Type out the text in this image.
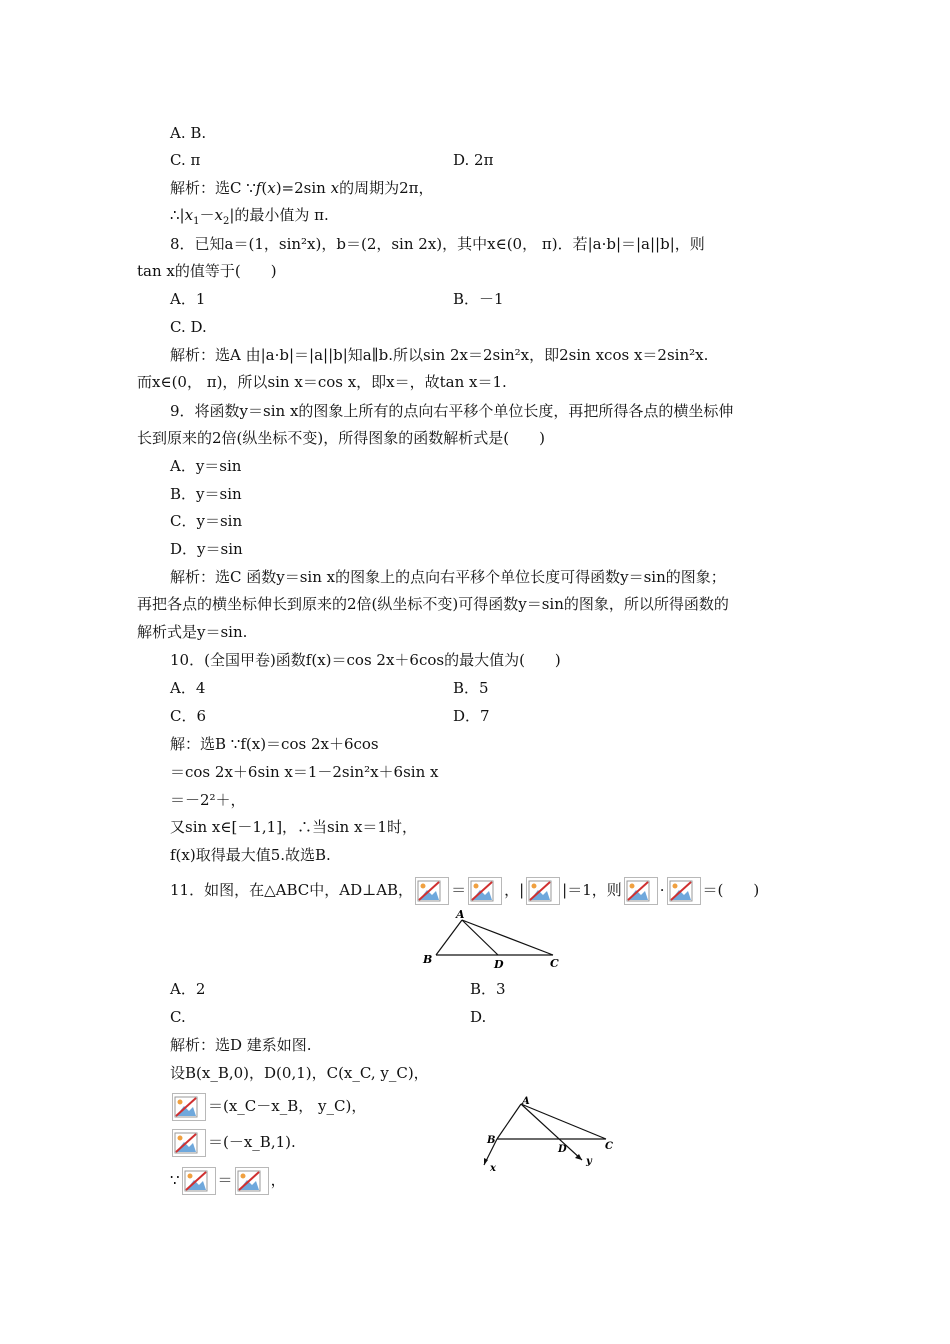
A. B.
C. π	D. 2π
解析：选C ∵f(x)=2sin x的周期为2π，
$\therefore|x_1-x_2|$的最小值为 π.
8．已知a＝(1，sin²x)，b＝(2，sin 2x)，其中x∈(0， π)．若|a·b|＝|a||b|，则
tan x的值等于(　　)
A．1	B．－1
C. D.
解析：选A 由|a·b|＝|a||b|知a∥b.所以sin 2x＝2sin²x，即2sin xcos x＝2sin²x.
而x∈(0， π)，所以sin x＝cos x，即x＝，故tan x＝1.
9．将函数y＝sin x的图象上所有的点向右平移个单位长度，再把所得各点的横坐标伸
长到原来的2倍(纵坐标不变)，所得图象的函数解析式是(　　)
A．y＝sin
B．y＝sin
C．y＝sin
D．y＝sin
解析：选C 函数y＝sin x的图象上的点向右平移个单位长度可得函数y＝sin的图象；
再把各点的横坐标伸长到原来的2倍(纵坐标不变)可得函数y＝sin的图象，所以所得函数的
解析式是y＝sin.
10．(全国甲卷)函数f(x)＝cos 2x＋6cos的最大值为(　　)
A．4	B．5
C．6	D．7
解：选B ∵f(x)＝cos 2x＋6cos
＝cos 2x＋6sin x＝1－2sin²x＋6sin x
＝－2²＋，
又sin x∈[－1,1]，∴当sin x＝1时，
f(x)取得最大值5.故选B.
11．如图，在△ABC中，AD⊥AB，	＝	，|	|＝1，则	·	＝(　　)
A
B	D	C
A．2	B．3
C.	D.
解析：选D 建系如图.
设B(x_B,0)，D(0,1)，C(x_C, y_C)，
＝(x_C－x_B， y_C)，
＝(－x_B,1).
∵	＝	，
A
B
D	C
x
y
